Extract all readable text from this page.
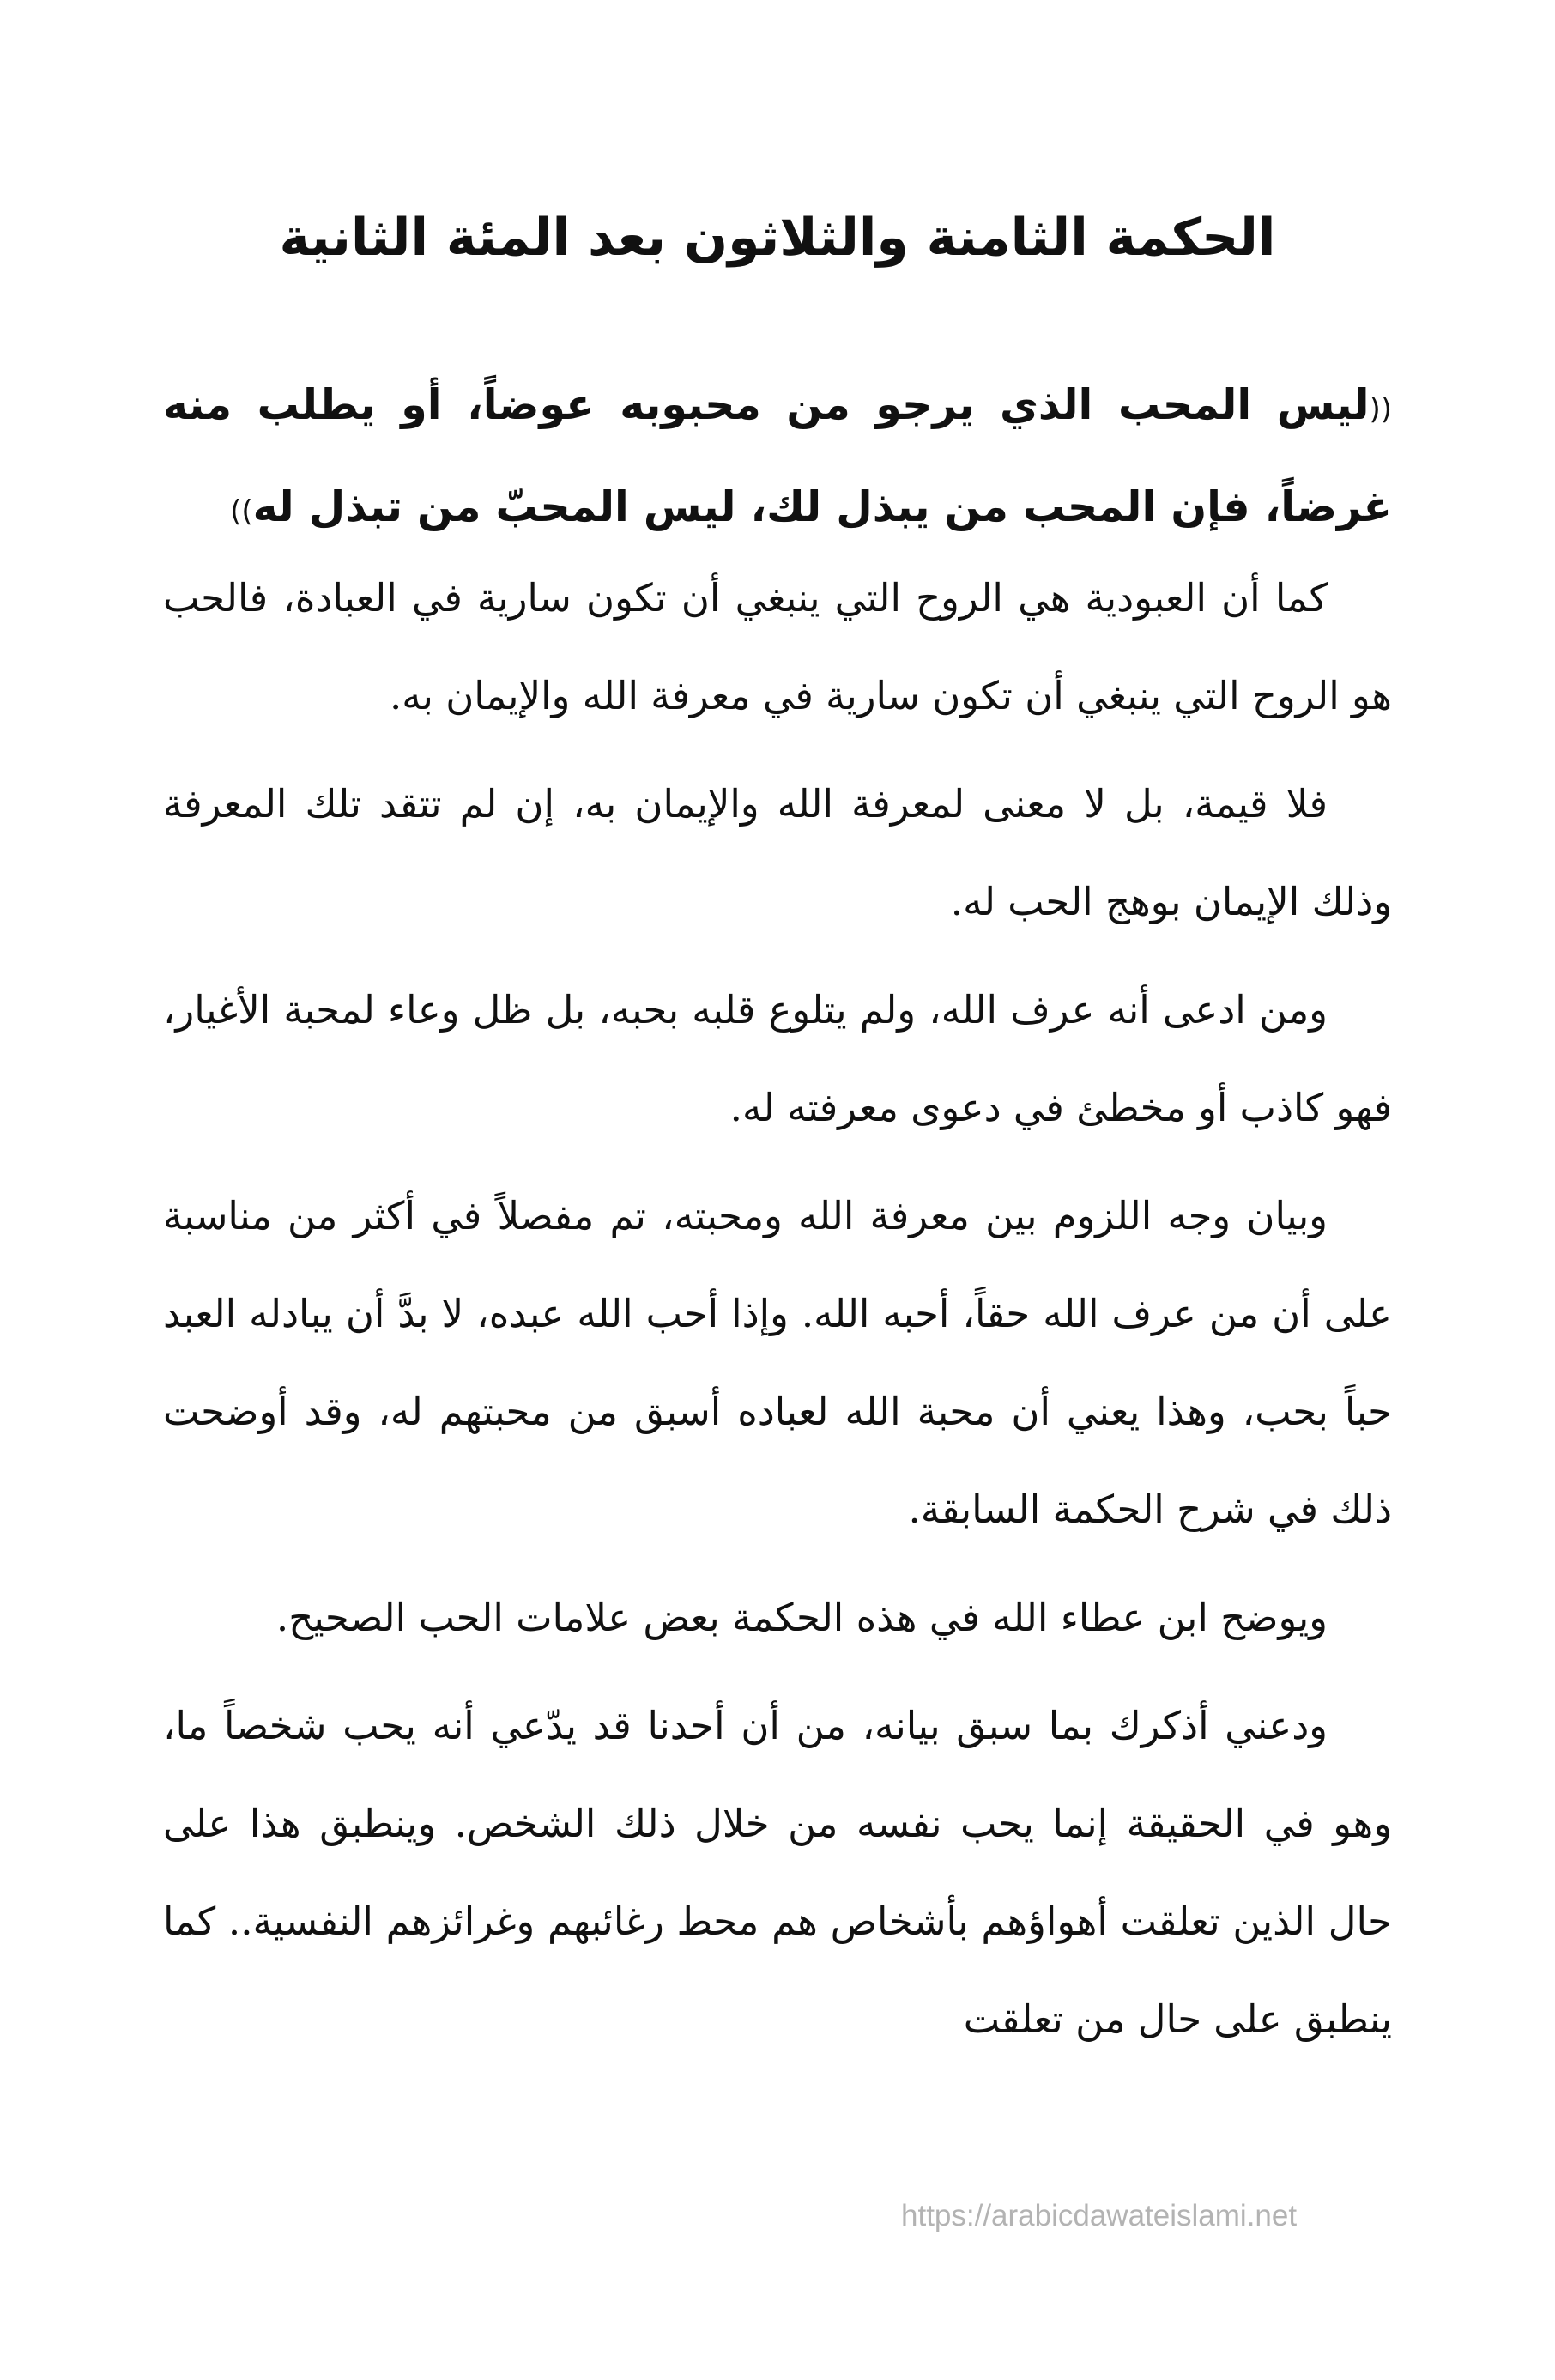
الحكمة الثامنة والثلاثون بعد المئة الثانية

((ليس المحب الذي يرجو من محبوبه عوضاً، أو يطلب منه غرضاً، فإن المحب من يبذل لك، ليس المحبّ من تبذل له))

كما أن العبودية هي الروح التي ينبغي أن تكون سارية في العبادة، فالحب هو الروح التي ينبغي أن تكون سارية في معرفة الله والإيمان به.

فلا قيمة، بل لا معنى لمعرفة الله والإيمان به، إن لم تتقد تلك المعرفة وذلك الإيمان بوهج الحب له.

ومن ادعى أنه عرف الله، ولم يتلوع قلبه بحبه، بل ظل وعاء لمحبة الأغيار، فهو كاذب أو مخطئ في دعوى معرفته له.

وبيان وجه اللزوم بين معرفة الله ومحبته، تم مفصلاً في أكثر من مناسبة على أن من عرف الله حقاً، أحبه الله. وإذا أحب الله عبده، لا بدَّ أن يبادله العبد حباً بحب، وهذا يعني أن محبة الله لعباده أسبق من محبتهم له، وقد أوضحت ذلك في شرح الحكمة السابقة.

ويوضح ابن عطاء الله في هذه الحكمة بعض علامات الحب الصحيح.

ودعني أذكرك بما سبق بيانه، من أن أحدنا قد يدّعي أنه يحب شخصاً ما، وهو في الحقيقة إنما يحب نفسه من خلال ذلك الشخص. وينطبق هذا على حال الذين تعلقت أهواؤهم بأشخاص هم محط رغائبهم وغرائزهم النفسية.. كما ينطبق على حال من تعلقت

https://arabicdawateislami.net
